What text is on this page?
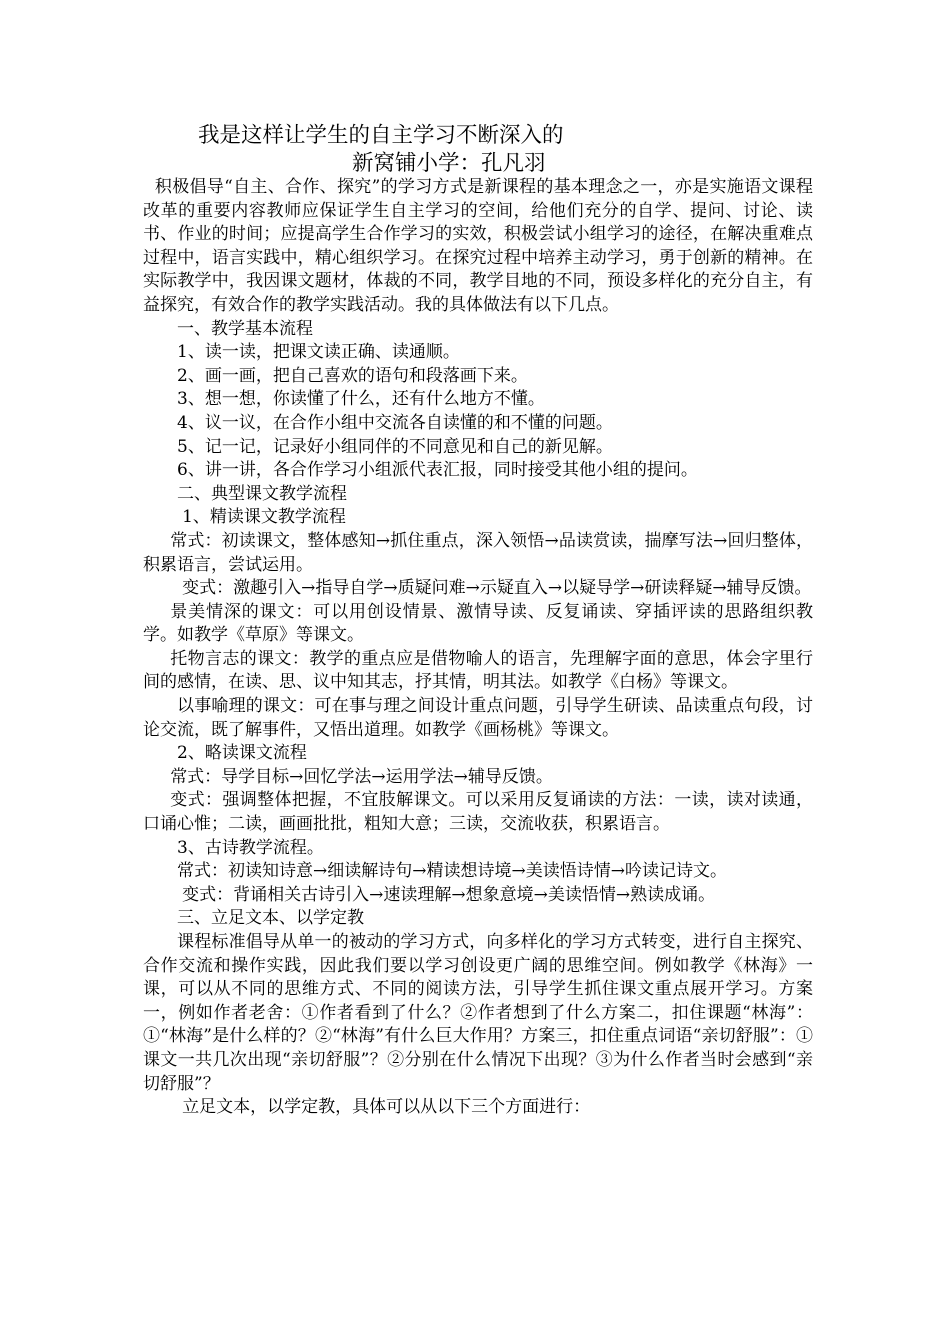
我是这样让学生的自主学习不断深入的
新窝铺小学：孔凡羽

积极倡导“自主、合作、探究”的学习方式是新课程的基本理念之一，亦是实施语文课程改革的重要内容教师应保证学生自主学习的空间，给他们充分的自学、提问、讨论、读书、作业的时间；应提高学生合作学习的实效，积极尝试小组学习的途径，在解决重难点过程中，语言实践中，精心组织学习。在探究过程中培养主动学习，勇于创新的精神。在实际教学中，我因课文题材，体裁的不同，教学目地的不同，预设多样化的充分自主，有益探究，有效合作的教学实践活动。我的具体做法有以下几点。

一、教学基本流程

1、读一读，把课文读正确、读通顺。

2、画一画，把自己喜欢的语句和段落画下来。

3、想一想，你读懂了什么，还有什么地方不懂。

4、议一议，在合作小组中交流各自读懂的和不懂的问题。

5、记一记，记录好小组同伴的不同意见和自己的新见解。

6、讲一讲，各合作学习小组派代表汇报，同时接受其他小组的提问。

二、典型课文教学流程

1、精读课文教学流程

常式：初读课文，整体感知→抓住重点，深入领悟→品读赏读，揣摩写法→回归整体，积累语言，尝试运用。

变式：激趣引入→指导自学→质疑问难→示疑直入→以疑导学→研读释疑→辅导反馈。

景美情深的课文：可以用创设情景、激情导读、反复诵读、穿插评读的思路组织教学。如教学《草原》等课文。

托物言志的课文：教学的重点应是借物喻人的语言，先理解字面的意思，体会字里行间的感情，在读、思、议中知其志，抒其情，明其法。如教学《白杨》等课文。

以事喻理的课文：可在事与理之间设计重点问题，引导学生研读、品读重点句段，讨论交流，既了解事件，又悟出道理。如教学《画杨桃》等课文。

2、略读课文流程

常式：导学目标→回忆学法→运用学法→辅导反馈。

变式：强调整体把握，不宜肢解课文。可以采用反复诵读的方法：一读，读对读通，口诵心惟；二读，画画批批，粗知大意；三读，交流收获，积累语言。

3、古诗教学流程。

常式：初读知诗意→细读解诗句→精读想诗境→美读悟诗情→吟读记诗文。

变式：背诵相关古诗引入→速读理解→想象意境→美读悟情→熟读成诵。

三、立足文本、以学定教

课程标准倡导从单一的被动的学习方式，向多样化的学习方式转变，进行自主探究、合作交流和操作实践，因此我们要以学习创设更广阔的思维空间。例如教学《林海》一课，可以从不同的思维方式、不同的阅读方法，引导学生抓住课文重点展开学习。方案一，例如作者老舍：①作者看到了什么？②作者想到了什么方案二，扣住课题“林海”：①“林海”是什么样的？②“林海”有什么巨大作用？方案三，扣住重点词语“亲切舒服”：①课文一共几次出现“亲切舒服”？②分别在什么情况下出现？③为什么作者当时会感到“亲切舒服”？

立足文本，以学定教，具体可以从以下三个方面进行：
